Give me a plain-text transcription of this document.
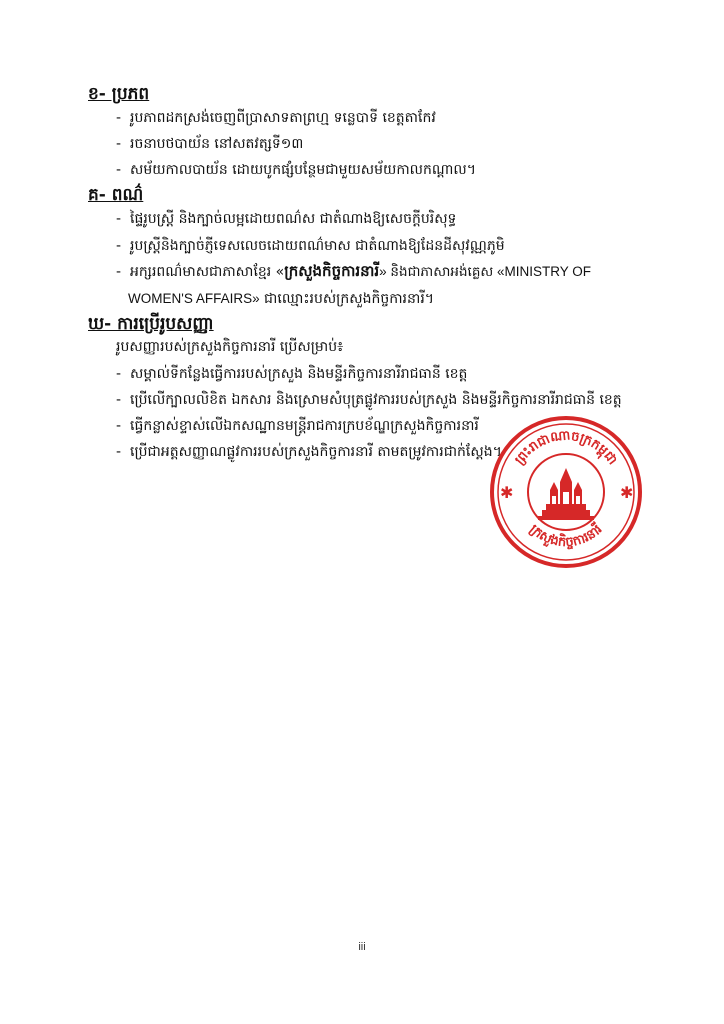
ខ- ប្រភព
- រូបភាពដកស្រង់ចេញពីប្រាសាទតាព្រហ្ម ទន្លេបាទី ខេត្តតាកែវ
- រចនាបថបាយ័ន នៅសតវត្សទី១៣
- សម័យកាលបាយ័ន ដោយបូកផ្សំបន្ថែមជាមួយសម័យកាលកណ្ដាល។
គ- ពណ៌
- ផ្ទៃរូបស្ត្រី និងក្បាច់លម្អដោយពណ៌ស ជាតំណាងឱ្យសេចក្ដីបរិសុទ្ធ
- រូបស្ត្រីនិងក្បាច់ភ្ញីទេសលេចដោយពណ៌មាស ជាតំណាងឱ្យដែនដីសុវណ្ណភូមិ
- អក្សរពណ៌មាសជាភាសាខ្មែរ «ក្រសួងកិច្ចការនារី» និងជាភាសាអង់គ្លេស «MINISTRY OF
WOMEN'S AFFAIRS» ជាឈ្មោះរបស់ក្រសួងកិច្ចការនារី។
ឃ- ការប្រើរូបសញ្ញា
រូបសញ្ញារបស់ក្រសួងកិច្ចការនារី ប្រើសម្រាប់៖
- សម្គាល់ទីកន្លែងធ្វើការរបស់ក្រសួង និងមន្ទីរកិច្ចការនារីរាជធានី ខេត្ត
- ប្រើលើក្បាលលិខិត ឯកសារ និងស្រោមសំបុត្រផ្លូវការរបស់ក្រសួង និងមន្ទីរកិច្ចការនារីរាជធានី ខេត្ត
- ធ្វើកន្លាស់ខ្ទាស់លើឯកសណ្ឋានមន្ត្រីរាជការក្របខ័ណ្ឌក្រសួងកិច្ចការនារី
- ប្រើជាអត្តសញ្ញាណផ្លូវការរបស់ក្រសួងកិច្ចការនារី តាមតម្រូវការជាក់ស្ដែង។ ព្រះរាជាណាចក្រកម្ពុជា
ក្រសួងកិច្ចការនារី
✱	✱
iii
